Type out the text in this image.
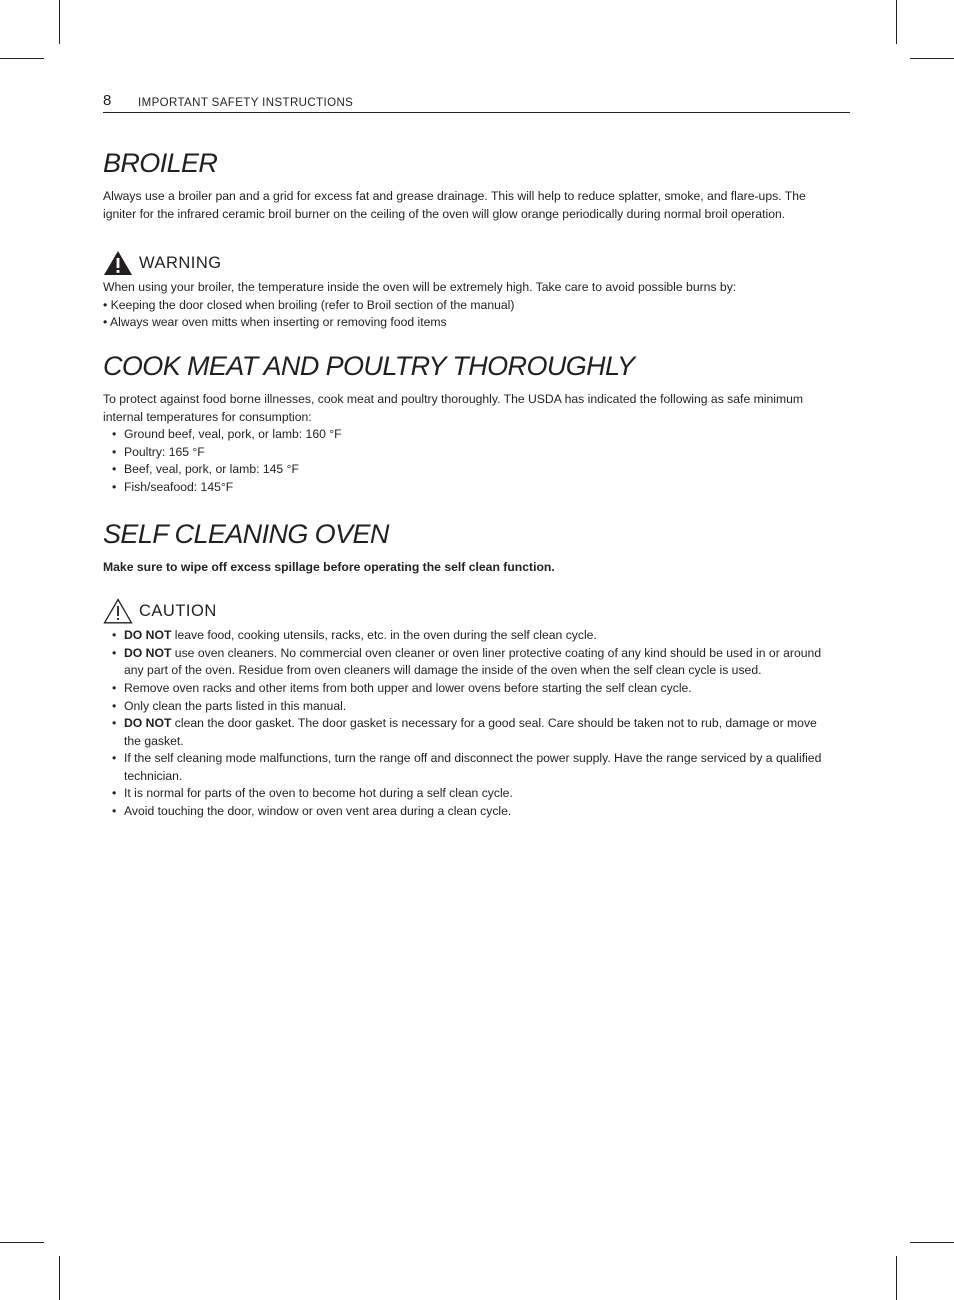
8 IMPORTANT SAFETY INSTRUCTIONS
BROILER

Always use a broiler pan and a grid for excess fat and grease drainage. This will help to reduce splatter, smoke, and flare-ups. The igniter for the infrared ceramic broil burner on the ceiling of the oven will glow orange periodically during normal broil operation.

WARNING

When using your broiler, the temperature inside the oven will be extremely high. Take care to avoid possible burns by:

• Keeping the door closed when broiling (refer to Broil section of the manual)
• Always wear oven mitts when inserting or removing food items
COOK MEAT AND POULTRY THOROUGHLY

To protect against food borne illnesses, cook meat and poultry thoroughly. The USDA has indicated the following as safe minimum internal temperatures for consumption:

• Ground beef, veal, pork, or lamb: 160 °F
• Poultry: 165 °F
• Beef, veal, pork, or lamb: 145 °F
• Fish/seafood: 145°F
SELF CLEANING OVEN

Make sure to wipe off excess spillage before operating the self clean function.

CAUTION
• DO NOT leave food, cooking utensils, racks, etc. in the oven during the self clean cycle.
• DO NOT use oven cleaners. No commercial oven cleaner or oven liner protective coating of any kind should be used in or around any part of the oven. Residue from oven cleaners will damage the inside of the oven when the self clean cycle is used.
• Remove oven racks and other items from both upper and lower ovens before starting the self clean cycle.
• Only clean the parts listed in this manual.
• DO NOT clean the door gasket. The door gasket is necessary for a good seal. Care should be taken not to rub, damage or move the gasket.
• If the self cleaning mode malfunctions, turn the range off and disconnect the power supply. Have the range serviced by a qualified technician.
• It is normal for parts of the oven to become hot during a self clean cycle.
• Avoid touching the door, window or oven vent area during a clean cycle.
